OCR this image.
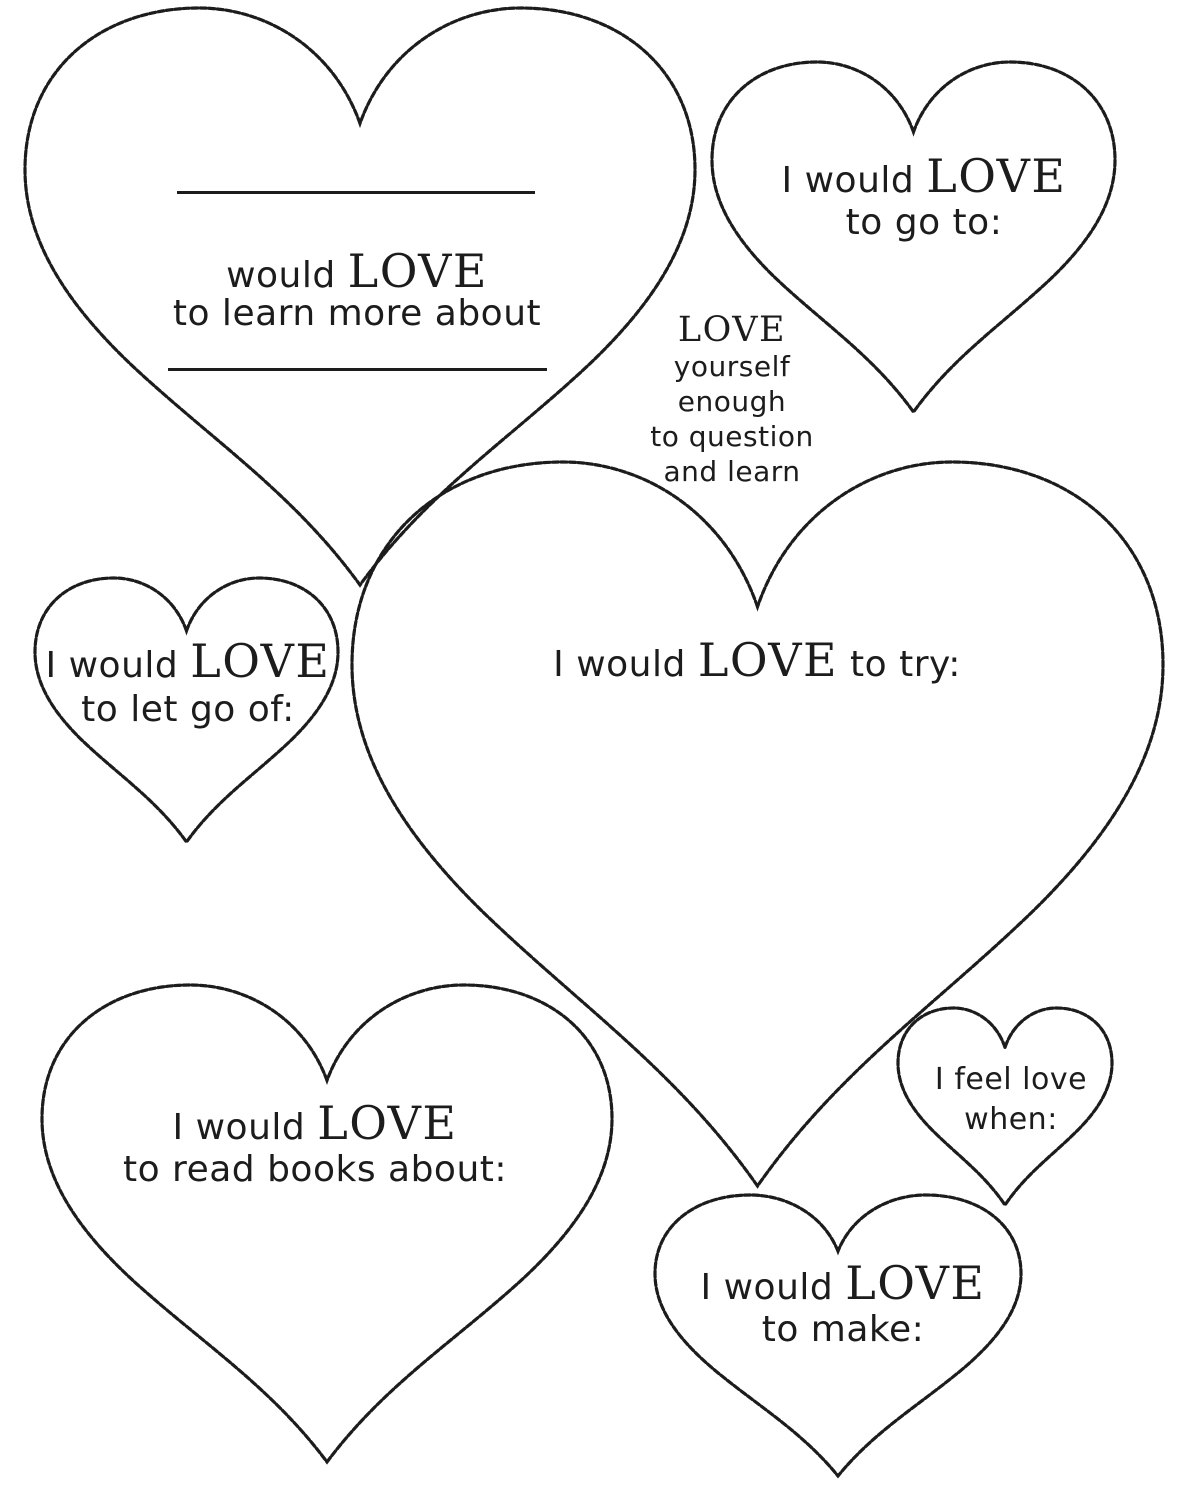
would LOVE
to learn more about
I would LOVE
to go to:
LOVE
yourself
enough
to question
and learn
I would LOVE
to let go of:
I would LOVE to try:
I would LOVE
to read books about:
I feel love
when:
I would LOVE
to make:
